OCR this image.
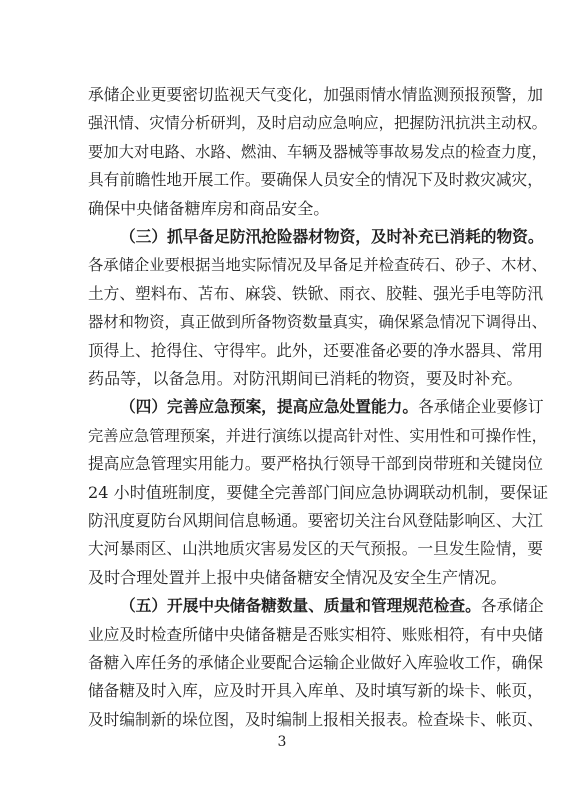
承储企业更要密切监视天气变化，加强雨情水情监测预报预警，加
强汛情、灾情分析研判，及时启动应急响应，把握防汛抗洪主动权。
要加大对电路、水路、燃油、车辆及器械等事故易发点的检查力度，
具有前瞻性地开展工作。要确保人员安全的情况下及时救灾减灾，
确保中央储备糖库房和商品安全。
（三）抓早备足防汛抢险器材物资，及时补充已消耗的物资。
各承储企业要根据当地实际情况及早备足并检查砖石、砂子、木材、
土方、塑料布、苫布、麻袋、铁锨、雨衣、胶鞋、强光手电等防汛
器材和物资，真正做到所备物资数量真实，确保紧急情况下调得出、
顶得上、抢得住、守得牢。此外，还要准备必要的净水器具、常用
药品等，以备急用。对防汛期间已消耗的物资，要及时补充。
（四）完善应急预案，提高应急处置能力。各承储企业要修订
完善应急管理预案，并进行演练以提高针对性、实用性和可操作性，
提高应急管理实用能力。要严格执行领导干部到岗带班和关键岗位
24 小时值班制度，要健全完善部门间应急协调联动机制，要保证
防汛度夏防台风期间信息畅通。要密切关注台风登陆影响区、大江
大河暴雨区、山洪地质灾害易发区的天气预报。一旦发生险情，要
及时合理处置并上报中央储备糖安全情况及安全生产情况。
（五）开展中央储备糖数量、质量和管理规范检查。各承储企
业应及时检查所储中央储备糖是否账实相符、账账相符，有中央储
备糖入库任务的承储企业要配合运输企业做好入库验收工作，确保
储备糖及时入库，应及时开具入库单、及时填写新的垛卡、帐页，
及时编制新的垛位图，及时编制上报相关报表。检查垛卡、帐页、
3
